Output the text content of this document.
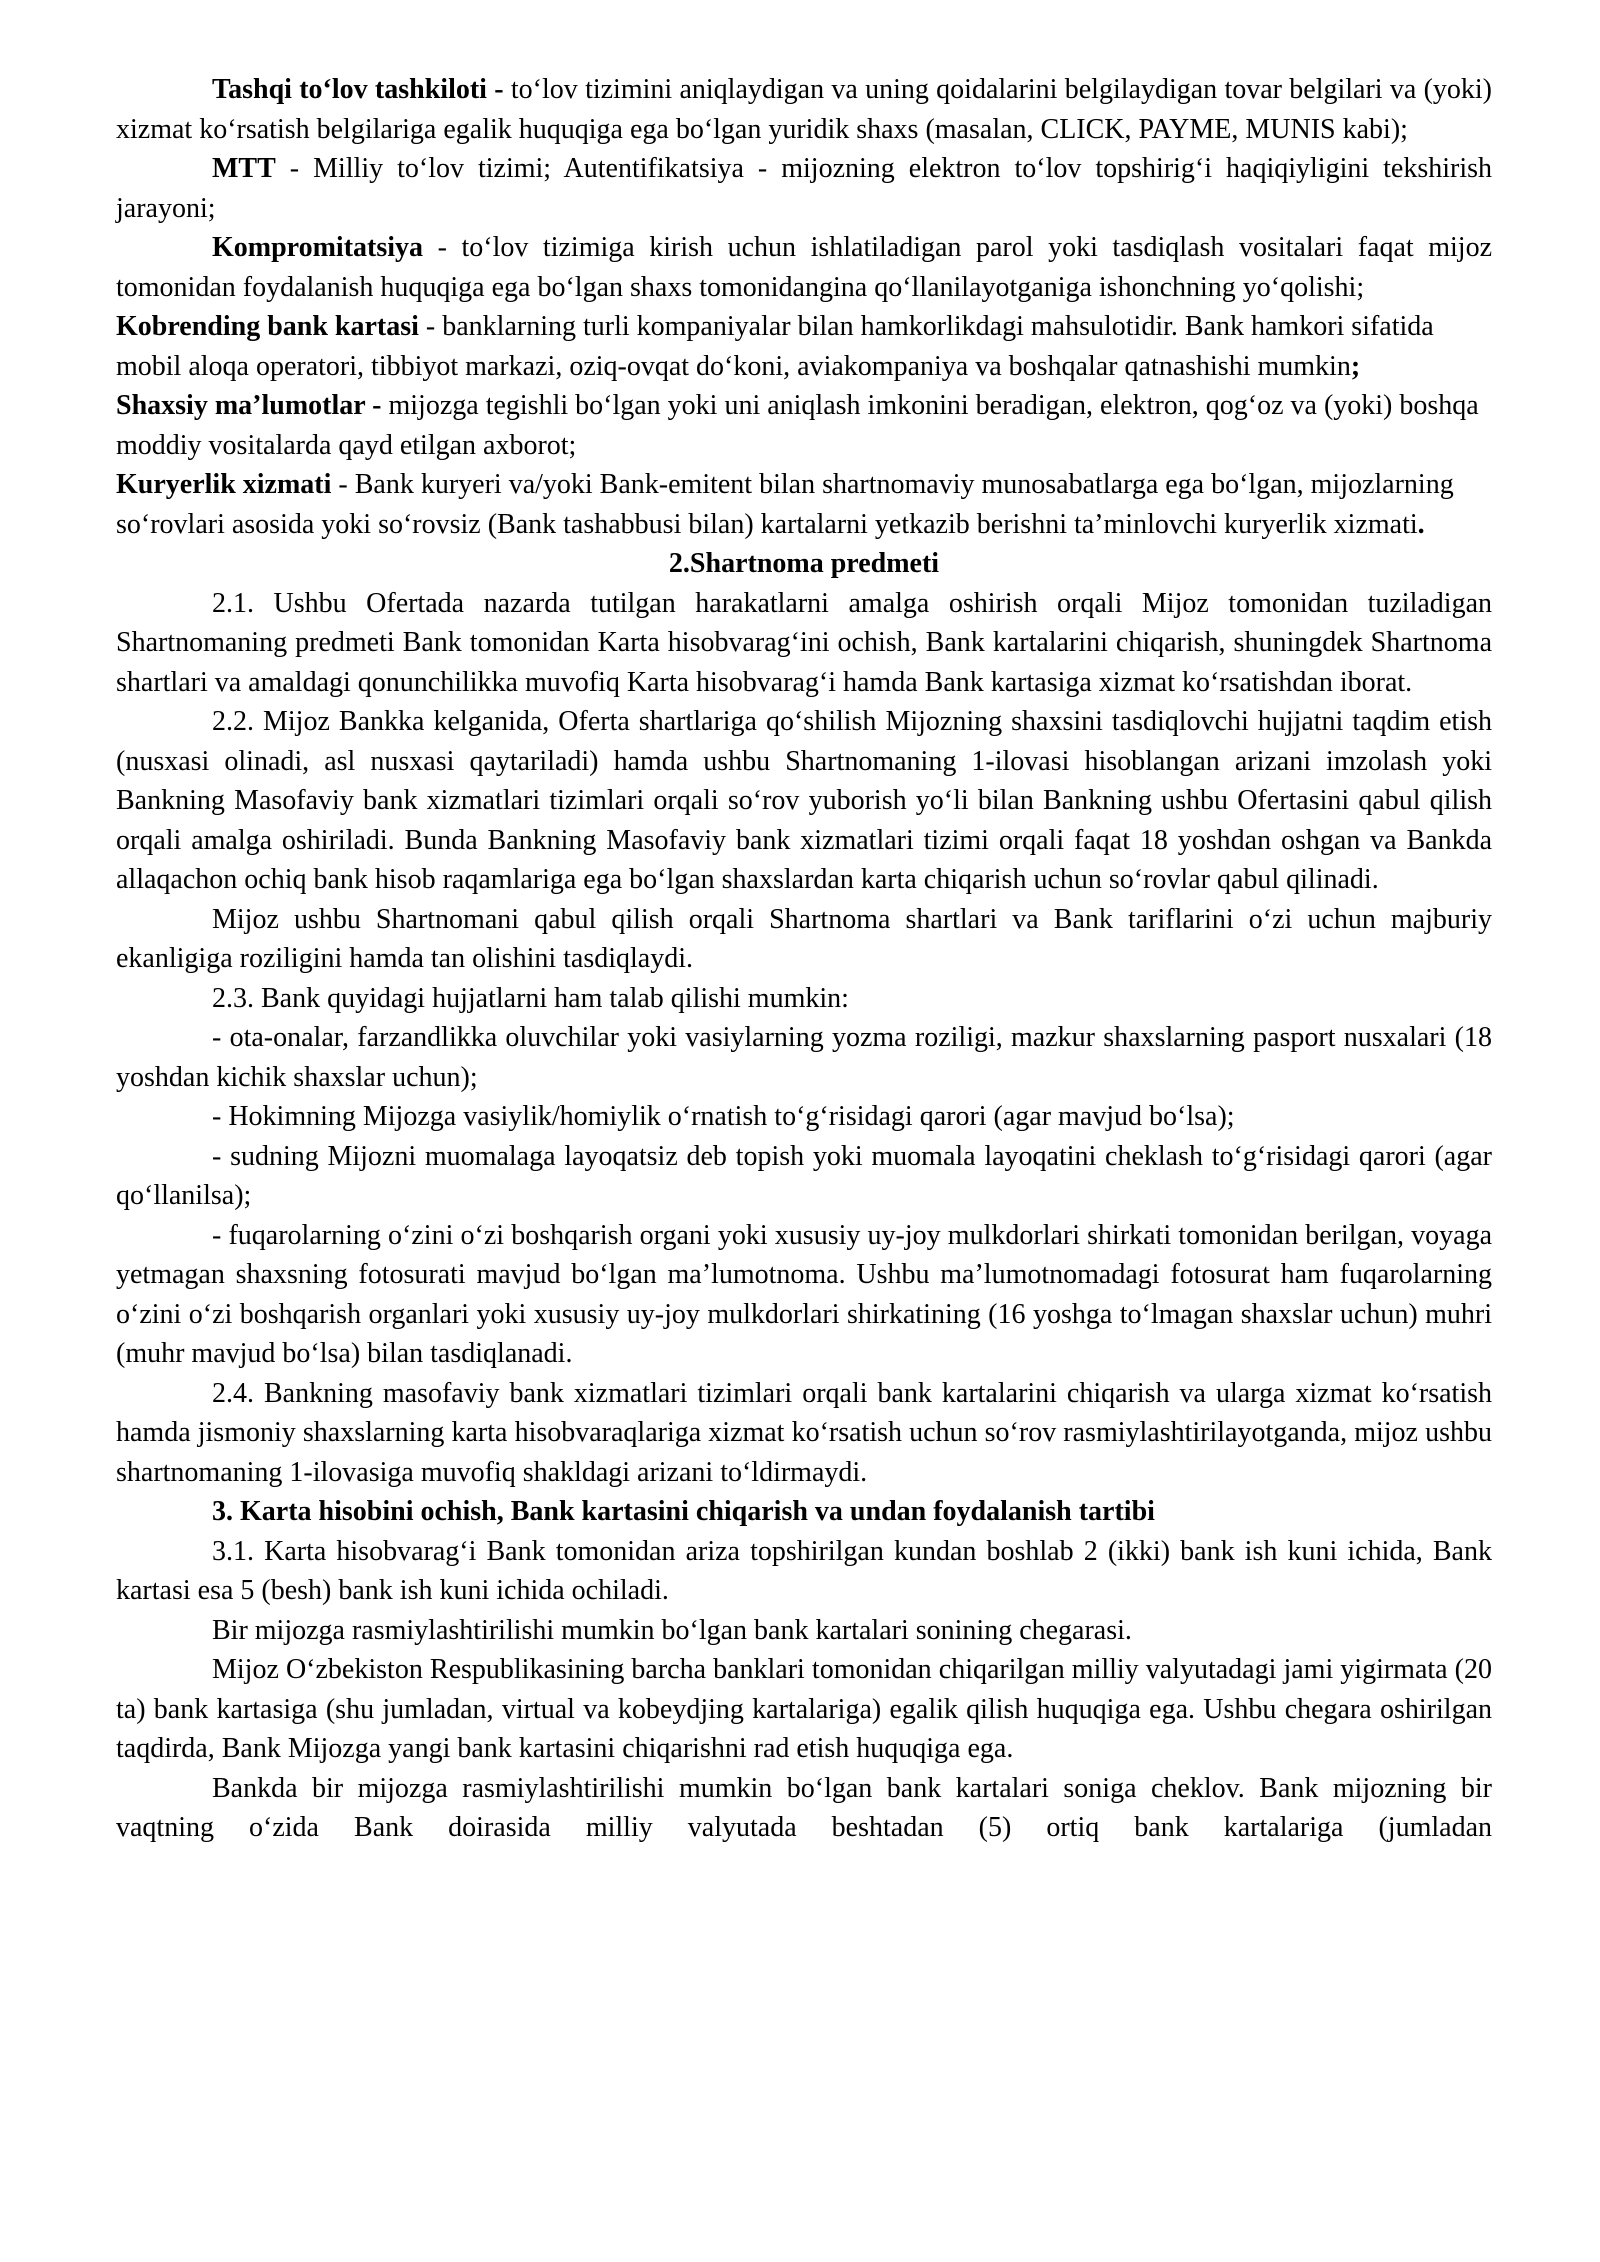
Tashqi to‘lov tashkiloti - to‘lov tizimini aniqlaydigan va uning qoidalarini belgilaydigan tovar belgilari va (yoki) xizmat ko‘rsatish belgilariga egalik huquqiga ega bo‘lgan yuridik shaxs (masalan, CLICK, PAYME, MUNIS kabi);

MTT - Milliy to‘lov tizimi; Autentifikatsiya - mijozning elektron to‘lov topshirig‘i haqiqiyligini tekshirish jarayoni;

Kompromitatsiya - to‘lov tizimiga kirish uchun ishlatiladigan parol yoki tasdiqlash vositalari faqat mijoz tomonidan foydalanish huquqiga ega bo‘lgan shaxs tomonidangina qo‘llanilayotganiga ishonchning yo‘qolishi;

Kobrending bank kartasi - banklarning turli kompaniyalar bilan hamkorlikdagi mahsulotidir. Bank hamkori sifatida mobil aloqa operatori, tibbiyot markazi, oziq-ovqat do‘koni, aviakompaniya va boshqalar qatnashishi mumkin;

Shaxsiy ma’lumotlar - mijozga tegishli bo‘lgan yoki uni aniqlash imkonini beradigan, elektron, qog‘oz va (yoki) boshqa moddiy vositalarda qayd etilgan axborot;

Kuryerlik xizmati - Bank kuryeri va/yoki Bank-emitent bilan shartnomaviy munosabatlarga ega bo‘lgan, mijozlarning so‘rovlari asosida yoki so‘rovsiz (Bank tashabbusi bilan) kartalarni yetkazib berishni ta’minlovchi kuryerlik xizmati.

2.Shartnoma predmeti

2.1. Ushbu Ofertada nazarda tutilgan harakatlarni amalga oshirish orqali Mijoz tomonidan tuziladigan Shartnomaning predmeti Bank tomonidan Karta hisobvarag‘ini ochish, Bank kartalarini chiqarish, shuningdek Shartnoma shartlari va amaldagi qonunchilikka muvofiq Karta hisobvarag‘i hamda Bank kartasiga xizmat ko‘rsatishdan iborat.

2.2. Mijoz Bankka kelganida, Oferta shartlariga qo‘shilish Mijozning shaxsini tasdiqlovchi hujjatni taqdim etish (nusxasi olinadi, asl nusxasi qaytariladi) hamda ushbu Shartnomaning 1-ilovasi hisoblangan arizani imzolash yoki Bankning Masofaviy bank xizmatlari tizimlari orqali so‘rov yuborish yo‘li bilan Bankning ushbu Ofertasini qabul qilish orqali amalga oshiriladi. Bunda Bankning Masofaviy bank xizmatlari tizimi orqali faqat 18 yoshdan oshgan va Bankda allaqachon ochiq bank hisob raqamlariga ega bo‘lgan shaxslardan karta chiqarish uchun so‘rovlar qabul qilinadi.

Mijoz ushbu Shartnomani qabul qilish orqali Shartnoma shartlari va Bank tariflarini o‘zi uchun majburiy ekanligiga roziligini hamda tan olishini tasdiqlaydi.

2.3. Bank quyidagi hujjatlarni ham talab qilishi mumkin:

- ota-onalar, farzandlikka oluvchilar yoki vasiylarning yozma roziligi, mazkur shaxslarning pasport nusxalari (18 yoshdan kichik shaxslar uchun);

- Hokimning Mijozga vasiylik/homiylik o‘rnatish to‘g‘risidagi qarori (agar mavjud bo‘lsa);

- sudning Mijozni muomalaga layoqatsiz deb topish yoki muomala layoqatini cheklash to‘g‘risidagi qarori (agar qo‘llanilsa);

- fuqarolarning o‘zini o‘zi boshqarish organi yoki xususiy uy-joy mulkdorlari shirkati tomonidan berilgan, voyaga yetmagan shaxsning fotosurati mavjud bo‘lgan ma’lumotnoma. Ushbu ma’lumotnomadagi fotosurat ham fuqarolarning o‘zini o‘zi boshqarish organlari yoki xususiy uy-joy mulkdorlari shirkatining (16 yoshga to‘lmagan shaxslar uchun) muhri (muhr mavjud bo‘lsa) bilan tasdiqlanadi.

2.4. Bankning masofaviy bank xizmatlari tizimlari orqali bank kartalarini chiqarish va ularga xizmat ko‘rsatish hamda jismoniy shaxslarning karta hisobvaraqlariga xizmat ko‘rsatish uchun so‘rov rasmiylashtirilayotganda, mijoz ushbu shartnomaning 1-ilovasiga muvofiq shakldagi arizani to‘ldirmaydi.

3. Karta hisobini ochish, Bank kartasini chiqarish va undan foydalanish tartibi

3.1. Karta hisobvarag‘i Bank tomonidan ariza topshirilgan kundan boshlab 2 (ikki) bank ish kuni ichida, Bank kartasi esa 5 (besh) bank ish kuni ichida ochiladi.

Bir mijozga rasmiylashtirilishi mumkin bo‘lgan bank kartalari sonining chegarasi.

Mijoz O‘zbekiston Respublikasining barcha banklari tomonidan chiqarilgan milliy valyutadagi jami yigirmata (20 ta) bank kartasiga (shu jumladan, virtual va kobeydjing kartalariga) egalik qilish huquqiga ega. Ushbu chegara oshirilgan taqdirda, Bank Mijozga yangi bank kartasini chiqarishni rad etish huquqiga ega.

Bankda bir mijozga rasmiylashtirilishi mumkin bo‘lgan bank kartalari soniga cheklov. Bank mijozning bir vaqtning o‘zida Bank doirasida milliy valyutada beshtadan (5) ortiq bank kartalariga (jumladan
